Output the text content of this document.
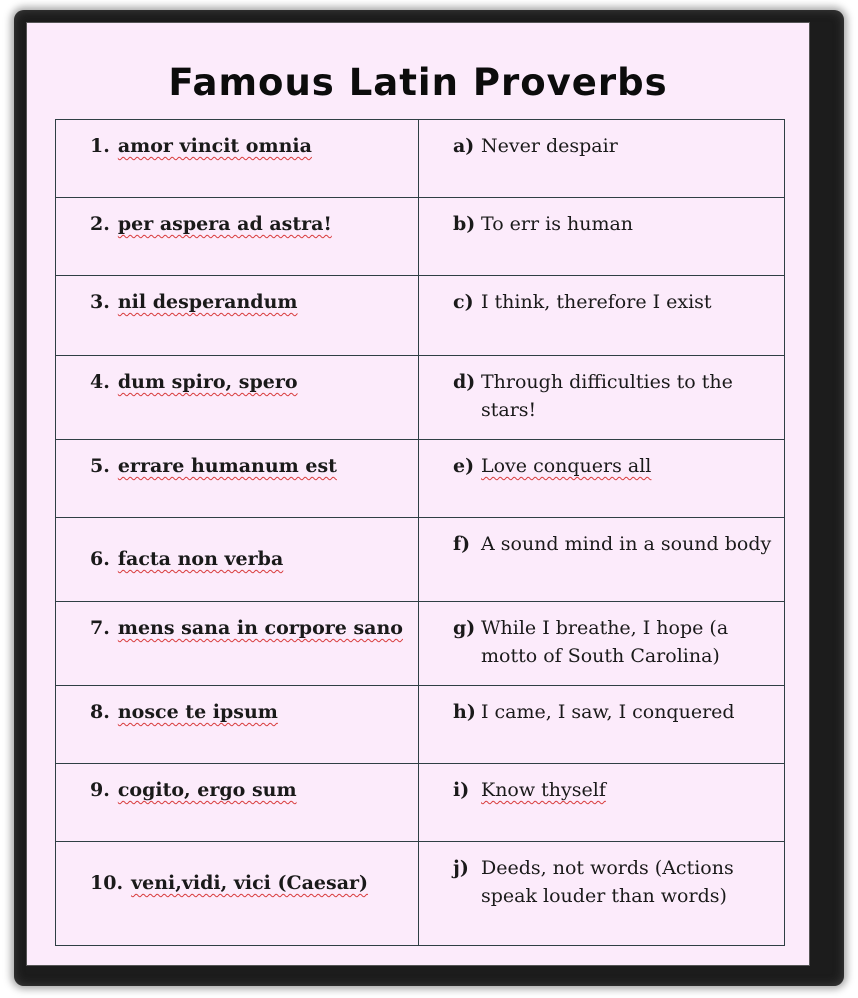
Famous Latin Proverbs
1. amor vincit omnia	a) Never despair

2. per aspera ad astra!	b) To err is human

3. nil desperandum	c) I think, therefore I exist

4. dum spiro, spero	d) Through difficulties to the stars!

5. errare humanum est	e) Love conquers all

6. facta non verba	f) A sound mind in a sound body

7. mens sana in corpore sano	g) While I breathe, I hope (a motto of South Carolina)

8. nosce te ipsum	h) I came, I saw, I conquered

9. cogito, ergo sum	i) Know thyself

10. veni,vidi, vici (Caesar)	j) Deeds, not words (Actions speak louder than words)
